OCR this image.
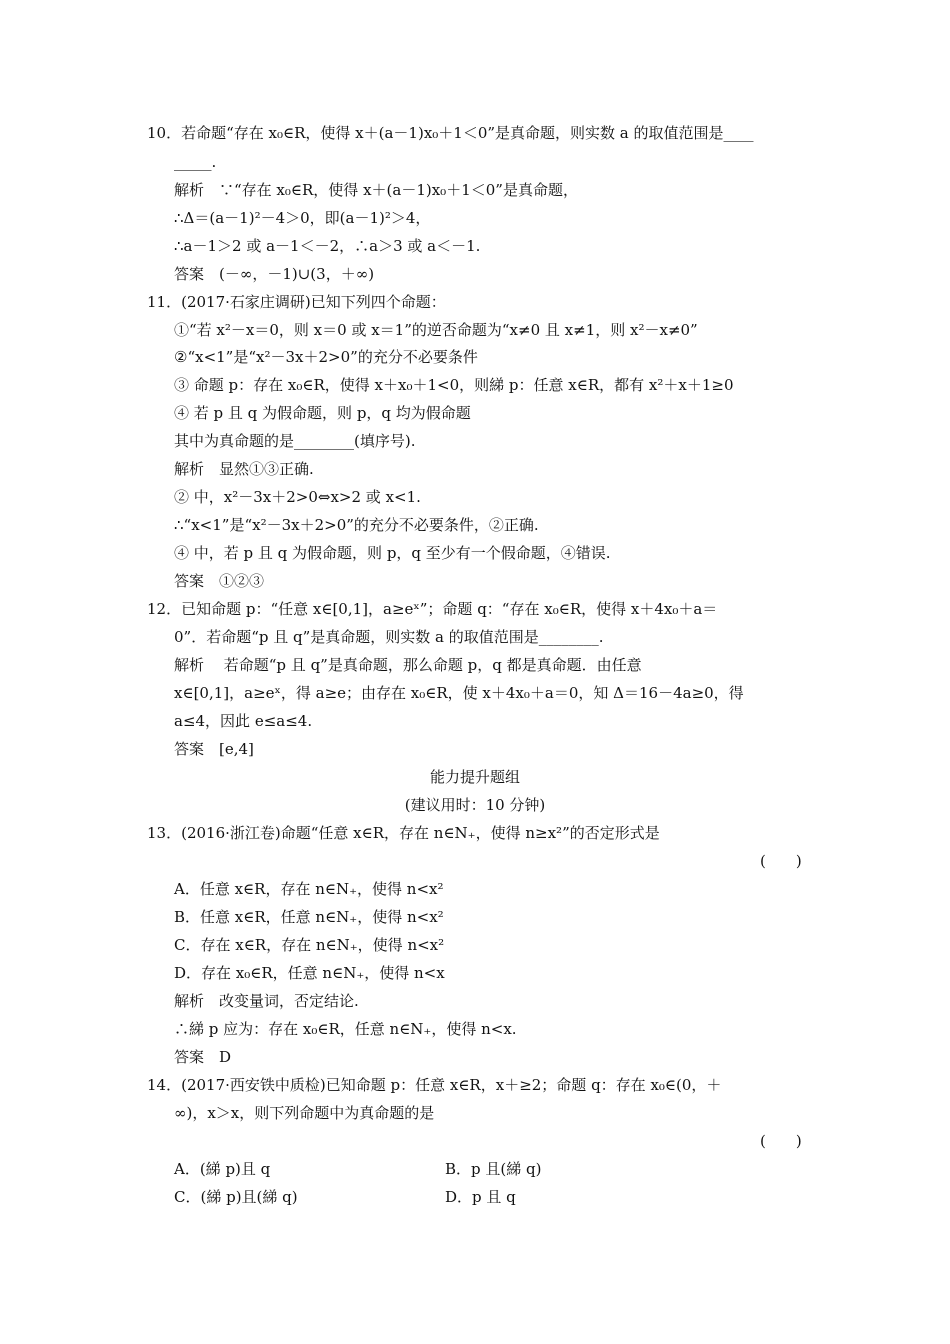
10．若命题“存在 x₀∈R，使得 x＋(a－1)x₀＋1＜0”是真命题，则实数 a 的取值范围是____
_____.
解析　∵“存在 x₀∈R，使得 x＋(a－1)x₀＋1＜0”是真命题，
∴Δ＝(a－1)²－4＞0，即(a－1)²＞4，
∴a－1＞2 或 a－1＜－2，∴a＞3 或 a＜－1.
答案　(－∞，－1)∪(3，＋∞)
11．(2017·石家庄调研)已知下列四个命题：
①“若 x²－x＝0，则 x＝0 或 x＝1”的逆否命题为“x≠0 且 x≠1，则 x²－x≠0”
②“x<1”是“x²－3x＋2>0”的充分不必要条件
③ 命题 p：存在 x₀∈R，使得 x＋x₀＋1<0，则綈 p：任意 x∈R，都有 x²＋x＋1≥0
④ 若 p 且 q 为假命题，则 p，q 均为假命题
其中为真命题的是________(填序号).
解析　显然①③正确.
② 中，x²－3x＋2>0⇔x>2 或 x<1.
∴“x<1”是“x²－3x＋2>0”的充分不必要条件，②正确.
④ 中，若 p 且 q 为假命题，则 p，q 至少有一个假命题，④错误.
答案　①②③
12．已知命题 p：“任意 x∈[0,1]，a≥eˣ”；命题 q：“存在 x₀∈R，使得 x＋4x₀＋a＝
0”．若命题“p 且 q”是真命题，则实数 a 的取值范围是________.
解析　 若命题“p 且 q”是真命题，那么命题 p，q 都是真命题．由任意
x∈[0,1]，a≥eˣ，得 a≥e；由存在 x₀∈R，使 x＋4x₀＋a＝0，知 Δ＝16－4a≥0，得
a≤4，因此 e≤a≤4.
答案　[e,4]
能力提升题组
(建议用时：10 分钟)
13．(2016·浙江卷)命题“任意 x∈R，存在 n∈N₊，使得 n≥x²”的否定形式是
(　　)
A．任意 x∈R，存在 n∈N₊，使得 n<x²
B．任意 x∈R，任意 n∈N₊，使得 n<x²
C．存在 x∈R，存在 n∈N₊，使得 n<x²
D．存在 x₀∈R，任意 n∈N₊，使得 n<x
解析　改变量词，否定结论.
∴綈 p 应为：存在 x₀∈R，任意 n∈N₊，使得 n<x.
答案　D
14．(2017·西安铁中质检)已知命题 p：任意 x∈R，x＋≥2；命题 q：存在 x₀∈(0，＋
∞)，x＞x，则下列命题中为真命题的是
(　　)
A．(綈 p)且 q	B．p 且(綈 q)
C．(綈 p)且(綈 q)	D．p 且 q
